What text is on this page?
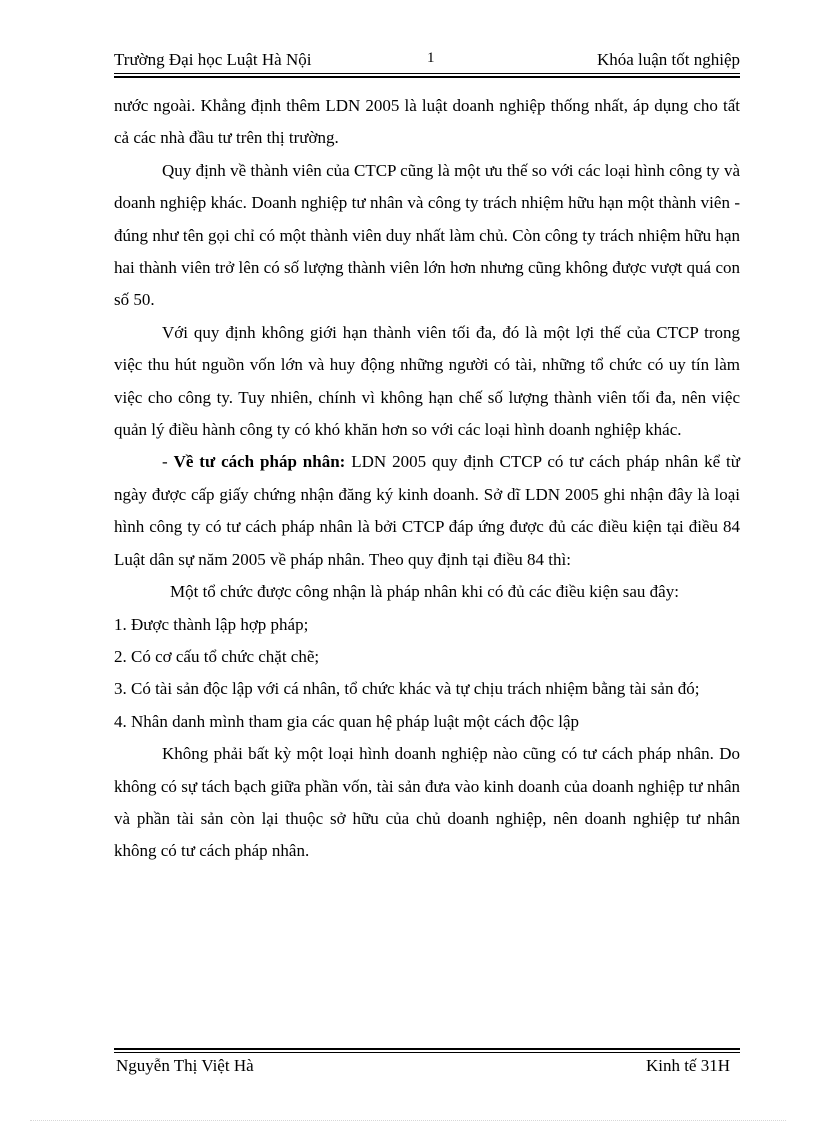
Trường Đại học Luật Hà Nội	1	Khóa luận tốt nghiệp

nước ngoài. Khẳng định thêm LDN 2005 là luật doanh nghiệp thống nhất, áp dụng cho tất cả các nhà đầu tư trên thị trường.

Quy định về thành viên của CTCP cũng là một ưu thế so với các loại hình công ty và doanh nghiệp khác. Doanh nghiệp tư nhân và công ty trách nhiệm hữu hạn một thành viên - đúng như tên gọi chỉ có một thành viên duy nhất làm chủ. Còn công ty trách nhiệm hữu hạn hai thành viên trở lên có số lượng thành viên lớn hơn nhưng cũng không được vượt quá con số 50.

Với quy định không giới hạn thành viên tối đa, đó là một lợi thế của CTCP trong việc thu hút nguồn vốn lớn và huy động những người có tài, những tổ chức có uy tín làm việc cho công ty. Tuy nhiên, chính vì không hạn chế số lượng thành viên tối đa, nên việc quản lý điều hành công ty có khó khăn hơn so với các loại hình doanh nghiệp khác.

- Về tư cách pháp nhân: LDN 2005 quy định CTCP có tư cách pháp nhân kể từ ngày được cấp giấy chứng nhận đăng ký kinh doanh. Sở dĩ LDN 2005 ghi nhận đây là loại hình công ty có tư cách pháp nhân là bởi CTCP đáp ứng được đủ các điều kiện tại điều 84 Luật dân sự năm 2005 về pháp nhân. Theo quy định tại điều 84 thì:

Một tổ chức được công nhận là pháp nhân khi có đủ các điều kiện sau đây:

1. Được thành lập hợp pháp;

2. Có cơ cấu tổ chức chặt chẽ;

3. Có tài sản độc lập với cá nhân, tổ chức khác và tự chịu trách nhiệm bằng tài sản đó;

4. Nhân danh mình tham gia các quan hệ pháp luật một cách độc lập

Không phải bất kỳ một loại hình doanh nghiệp nào cũng có tư cách pháp nhân. Do không có sự tách bạch giữa phần vốn, tài sản đưa vào kinh doanh của doanh nghiệp tư nhân và phần tài sản còn lại thuộc sở hữu của chủ doanh nghiệp, nên doanh nghiệp tư nhân không có tư cách pháp nhân.

Nguyễn Thị Việt Hà	Kinh tế 31H
